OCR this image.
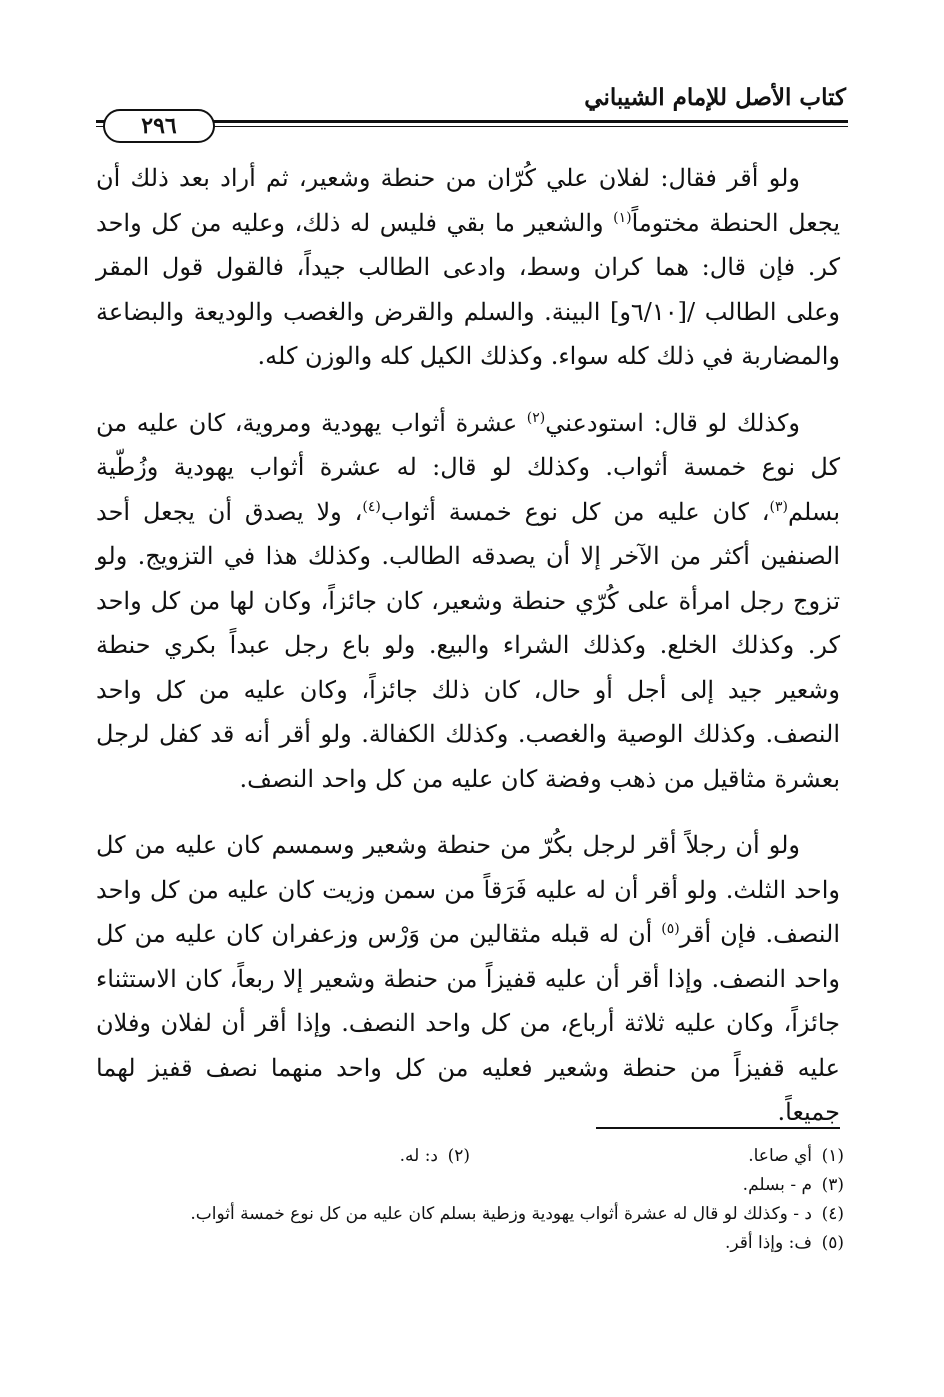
كتاب الأصل للإمام الشيباني
٢٩٦

ولو أقر فقال: لفلان علي كُرّان من حنطة وشعير، ثم أراد بعد ذلك أن يجعل الحنطة مختوماً$^{(١)}$ والشعير ما بقي فليس له ذلك، وعليه من كل واحد كر. فإن قال: هما كران وسط، وادعى الطالب جيداً، فالقول قول المقر وعلى الطالب /[٦/١٠و] البينة. والسلم والقرض والغصب والوديعة والبضاعة والمضاربة في ذلك كله سواء. وكذلك الكيل كله والوزن كله.

وكذلك لو قال: استودعني$^{(٢)}$ عشرة أثواب يهودية ومروية، كان عليه من كل نوع خمسة أثواب. وكذلك لو قال: له عشرة أثواب يهودية وزُطّية بسلم$^{(٣)}$، كان عليه من كل نوع خمسة أثواب$^{(٤)}$، ولا يصدق أن يجعل أحد الصنفين أكثر من الآخر إلا أن يصدقه الطالب. وكذلك هذا في التزويج. ولو تزوج رجل امرأة على كُرّي حنطة وشعير، كان جائزاً، وكان لها من كل واحد كر. وكذلك الخلع. وكذلك الشراء والبيع. ولو باع رجل عبداً بكري حنطة وشعير جيد إلى أجل أو حال، كان ذلك جائزاً، وكان عليه من كل واحد النصف. وكذلك الوصية والغصب. وكذلك الكفالة. ولو أقر أنه قد كفل لرجل بعشرة مثاقيل من ذهب وفضة كان عليه من كل واحد النصف.

ولو أن رجلاً أقر لرجل بكُرّ من حنطة وشعير وسمسم كان عليه من كل واحد الثلث. ولو أقر أن له عليه فَرَقاً من سمن وزيت كان عليه من كل واحد النصف. فإن أقر$^{(٥)}$ أن له قبله مثقالين من وَرْس وزعفران كان عليه من كل واحد النصف. وإذا أقر أن عليه قفيزاً من حنطة وشعير إلا ربعاً، كان الاستثناء جائزاً، وكان عليه ثلاثة أرباع، من كل واحد النصف. وإذا أقر أن لفلان وفلان عليه قفيزاً من حنطة وشعير فعليه من كل واحد منهما نصف قفيز لهما جميعاً.

(١)
أي صاعا.
(٢)
د: له.
(٣)
م - بسلم.
(٤)
د - وكذلك لو قال له عشرة أثواب يهودية وزطية بسلم كان عليه من كل نوع خمسة أثواب.
(٥)
ف: وإذا أقر.
